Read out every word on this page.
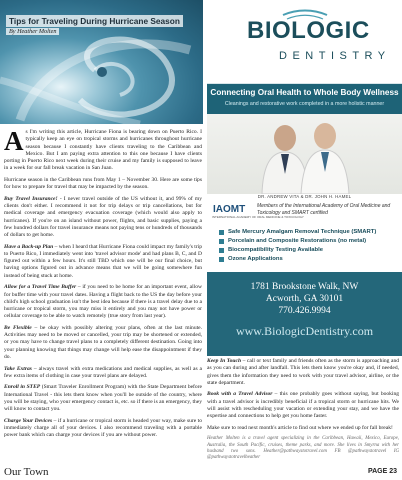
Tips for Traveling During Hurricane Season
By Heather Molten

As I'm writing this article, Hurricane Fiona is bearing down on Puerto Rico. I typically keep an eye on tropical storms and hurricanes throughout hurricane season because I constantly have clients traveling to the Caribbean and Mexico. But I am paying extra attention to this one because I have clients porting in Puerto Rico next week during their cruise and my family is supposed to leave in a week for our fall break vacation in San Juan.

Hurricane season in the Caribbean runs from May 1 – November 30. Here are some tips for how to prepare for travel that may be impacted by the season.

Buy Travel Insurance! - I never travel outside of the US without it, and 99% of my clients don't either. I recommend it not for trip delays or trip cancellations, but for medical coverage and emergency evacuation coverage (which would also apply to hurricanes). If you're on an island without power, flights, and basic supplies, paying a few hundred dollars for travel insurance means not paying tens or hundreds of thousands of dollars to get home.

Have a Back-up Plan – when I heard that Hurricane Fiona could impact my family's trip to Puerto Rico, I immediately went into 'travel advisor mode' and had plans B, C, and D figured out within a few hours. It's still TBD which one will be our final choice, but having options figured out in advance means that we will be going somewhere fun instead of being stuck at home.

Allow for a Travel Time Buffer – if you need to be home for an important event, allow for buffer time with your travel dates. Having a flight back to the US the day before your child's high school graduation isn't the best idea because if there is a travel delay due to a hurricane or tropical storm, you may miss it entirely and you may not have power or cellular coverage to be able to watch remotely (true story from last year).

Be Flexible – be okay with possibly altering your plans, often at the last minute. Activities may need to be moved or cancelled, your trip may be shortened or extended, or you may have to change travel plans to a completely different destination. Going into your planning knowing that things may change will help ease the disappointment if they do.

Take Extras – always travel with extra medications and medical supplies, as well as a few extra items of clothing in case your travel plans are delayed.

Enroll in STEP (Smart Traveler Enrollment Program) with the State Department before International Travel - this lets them know when you'll be outside of the country, where you will be staying, who your emergency contact is, etc. so if there is an emergency, they will know to contact you.

Charge Your Devices – if a hurricane or tropical storm is headed your way, make sure to immediately charge all of your devices. I also recommend traveling with a portable power bank which can charge your devices if you are without power.

BIOLOGIC
DENTISTRY
Connecting Oral Health to Whole Body Wellness
Cleanings and restorative work completed in a more holistic manner
DR. ANDREW VITA & DR. JOHN H. HAMEL
IAOMT
INTERNATIONAL ACADEMY OF ORAL MEDICINE & TOXICOLOGY
Members of the International Academy of Oral Medicine and Toxicology and SMART certified
Safe Mercury Amalgam Removal Technique (SMART)
Porcelain and Composite Restorations (no metal)
Biocompatibility Testing Available
Ozone Applications
1781 Brookstone Walk, NW
Acworth, GA 30101
770.426.9994
www.BiologicDentistry.com

Keep In Touch – call or text family and friends often as the storm is approaching and as you can during and after landfall. This lets them know you're okay and, if needed, gives them the information they need to work with your travel advisor, airline, or the state department.

Book with a Travel Advisor – this one probably goes without saying, but booking with a travel advisor is incredibly beneficial if a tropical storm or hurricane hits. We will assist with rescheduling your vacation or extending your stay, and we have the expertise and connections to help get you home faster.

Make sure to read next month's article to find out where we ended up for fall break!

Heather Molten is a travel agent specializing in the Caribbean, Hawaii, Mexico, Europe, Australia, the South Pacific, cruises, theme parks, and more. She lives in Smyrna with her husband two sons. Heather@pathwaystotravel.com FB @pathwaystotravel IG @pathwaystotravelheather

Our Town	PAGE 23
